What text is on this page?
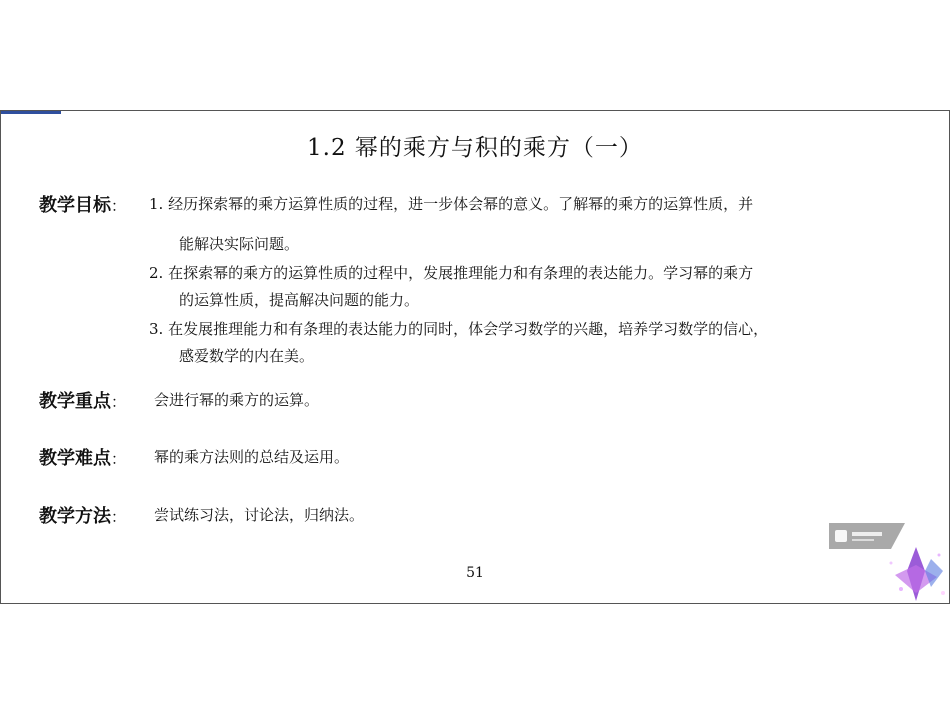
1.2 幂的乘方与积的乘方（一）
教学目标： 1. 经历探索幂的乘方运算性质的过程，进一步体会幂的意义。了解幂的乘方的运算性质，并
能解决实际问题。
2. 在探索幂的乘方的运算性质的过程中，发展推理能力和有条理的表达能力。学习幂的乘方
的运算性质，提高解决问题的能力。
3. 在发展推理能力和有条理的表达能力的同时，体会学习数学的兴趣，培养学习数学的信心，
感爱数学的内在美。
教学重点： 会进行幂的乘方的运算。
教学难点： 幂的乘方法则的总结及运用。
教学方法： 尝试练习法，讨论法，归纳法。
51
